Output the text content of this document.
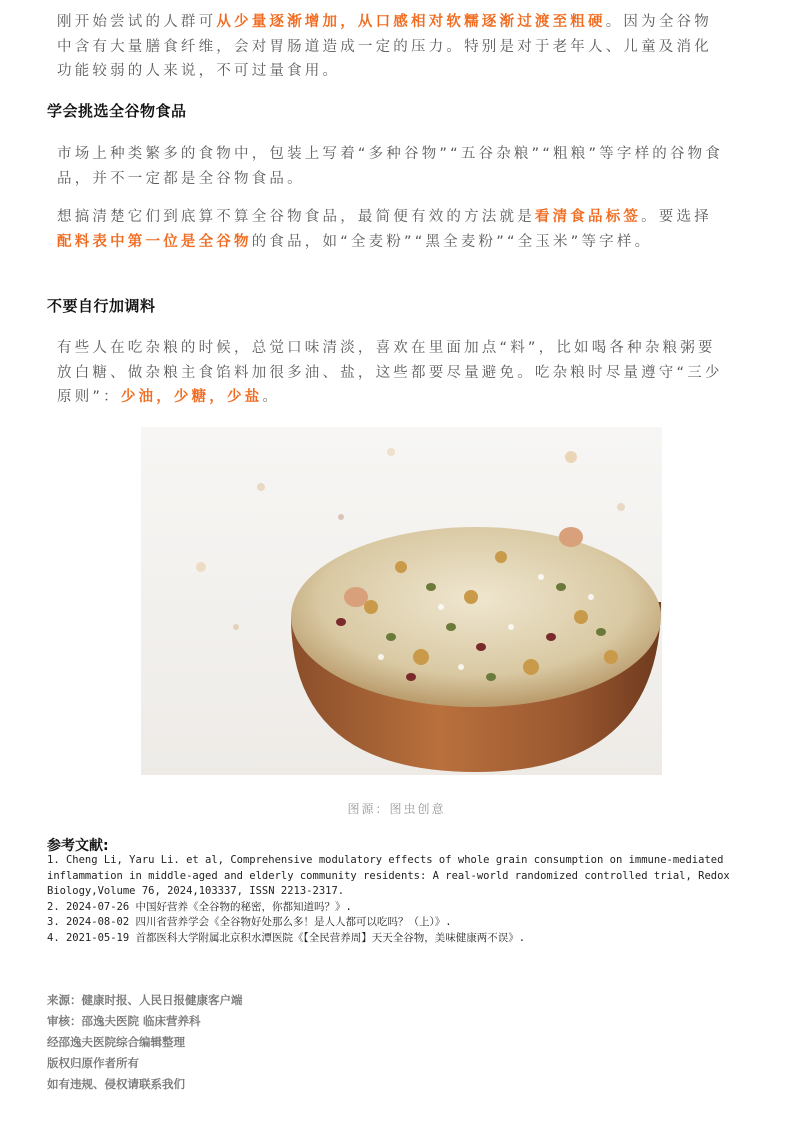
刚开始尝试的人群可从少量逐渐增加，从口感相对软糯逐渐过渡至粗硬。因为全谷物中含有大量膳食纤维，会对胃肠道造成一定的压力。特别是对于老年人、儿童及消化功能较弱的人来说，不可过量食用。

学会挑选全谷物食品

市场上种类繁多的食物中，包装上写着“多种谷物”“五谷杂粮”“粗粮”等字样的谷物食品，并不一定都是全谷物食品。

想搞清楚它们到底算不算全谷物食品，最简便有效的方法就是看清食品标签。要选择配料表中第一位是全谷物的食品，如“全麦粉”“黑全麦粉”“全玉米”等字样。

不要自行加调料

有些人在吃杂粮的时候，总觉口味清淡，喜欢在里面加点“料”，比如喝各种杂粮粥要放白糖、做杂粮主食馅料加很多油、盐，这些都要尽量避免。吃杂粮时尽量遵守“三少原则”：少油，少糖，少盐。

图源：图虫创意
参考文献:
1. Cheng Li, Yaru Li. et al, Comprehensive modulatory effects of whole grain consumption on immune-mediated
inflammation in middle-aged and elderly community residents: A real-world randomized controlled trial, Redox
Biology,Volume 76, 2024,103337, ISSN 2213-2317.
2. 2024-07-26 中国好营养《全谷物的秘密，你都知道吗？》.
3. 2024-08-02 四川省营养学会《全谷物好处那么多！是人人都可以吃吗？（上）》.
4. 2021-05-19 首都医科大学附属北京积水潭医院《【全民营养周】天天全谷物，美味健康两不误》.
来源：健康时报、人民日报健康客户端
审核：邵逸夫医院 临床营养科
经邵逸夫医院综合编辑整理
版权归原作者所有
如有违规、侵权请联系我们
